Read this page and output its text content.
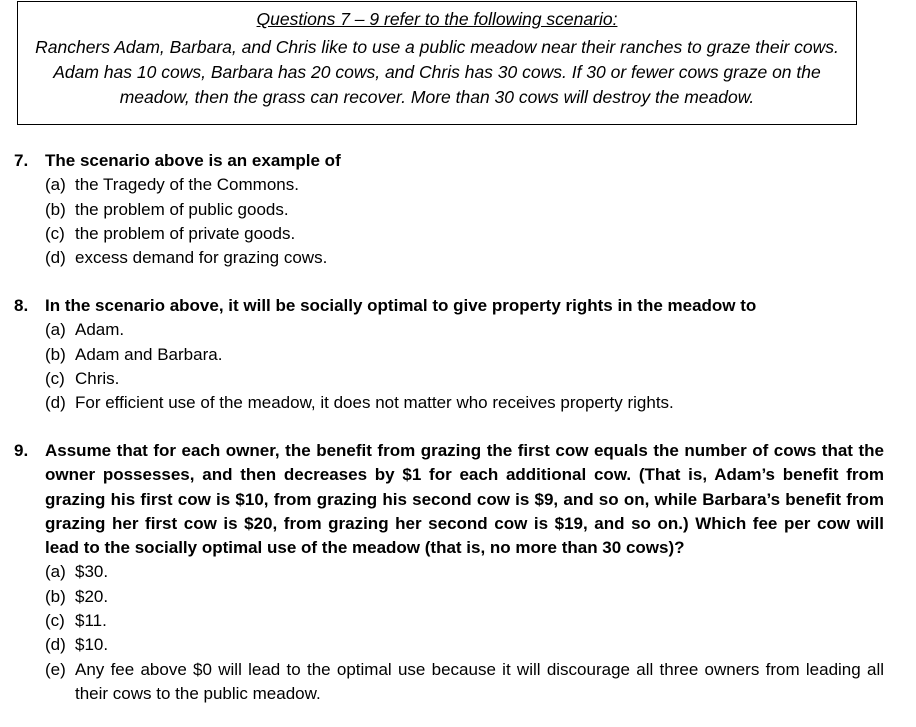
Questions 7 – 9 refer to the following scenario:
Ranchers Adam, Barbara, and Chris like to use a public meadow near their ranches to graze their cows. Adam has 10 cows, Barbara has 20 cows, and Chris has 30 cows. If 30 or fewer cows graze on the meadow, then the grass can recover. More than 30 cows will destroy the meadow.
7. The scenario above is an example of
(a) the Tragedy of the Commons.
(b) the problem of public goods.
(c) the problem of private goods.
(d) excess demand for grazing cows.
8. In the scenario above, it will be socially optimal to give property rights in the meadow to
(a) Adam.
(b) Adam and Barbara.
(c) Chris.
(d) For efficient use of the meadow, it does not matter who receives property rights.
9. Assume that for each owner, the benefit from grazing the first cow equals the number of cows that the owner possesses, and then decreases by $1 for each additional cow. (That is, Adam’s benefit from grazing his first cow is $10, from grazing his second cow is $9, and so on, while Barbara’s benefit from grazing her first cow is $20, from grazing her second cow is $19, and so on.) Which fee per cow will lead to the socially optimal use of the meadow (that is, no more than 30 cows)?
(a) $30.
(b) $20.
(c) $11.
(d) $10.
(e) Any fee above $0 will lead to the optimal use because it will discourage all three owners from leading all their cows to the public meadow.
